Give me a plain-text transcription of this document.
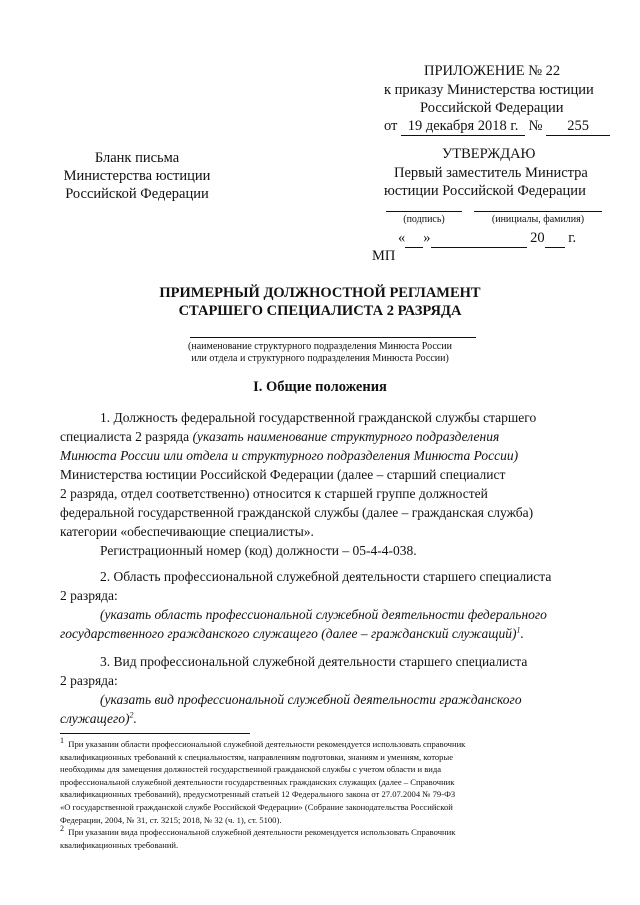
ПРИЛОЖЕНИЕ № 22
к приказу Министерства юстиции
Российской Федерации
от 19 декабря 2018 г. № 255
Бланк письма
Министерства юстиции
Российской Федерации
УТВЕРЖДАЮ
Первый заместитель Министра
юстиции Российской Федерации
(подпись)	(инициалы, фамилия)
« »	20 г.
МП
ПРИМЕРНЫЙ ДОЛЖНОСТНОЙ РЕГЛАМЕНТ
СТАРШЕГО СПЕЦИАЛИСТА 2 РАЗРЯДА
(наименование структурного подразделения Минюста России
или отдела и структурного подразделения Минюста России)
I. Общие положения
1. Должность федеральной государственной гражданской службы старшего
специалиста 2 разряда (указать наименование структурного подразделения
Минюста России или отдела и структурного подразделения Минюста России)
Министерства юстиции Российской Федерации (далее – старший специалист
2 разряда, отдел соответственно) относится к старшей группе должностей
федеральной государственной гражданской службы (далее – гражданская служба)
категории «обеспечивающие специалисты».
Регистрационный номер (код) должности – 05-4-4-038.
2. Область профессиональной служебной деятельности старшего специалиста
2 разряда:
(указать область профессиональной служебной деятельности федерального
государственного гражданского служащего (далее – гражданский служащий)$^1$.
3. Вид профессиональной служебной деятельности старшего специалиста
2 разряда:
(указать вид профессиональной служебной деятельности гражданского
служащего)$^2$.
$^1$ При указании области профессиональной служебной деятельности рекомендуется использовать справочник
квалификационных требований к специальностям, направлениям подготовки, знаниям и умениям, которые
необходимы для замещения должностей государственной гражданской службы с учетом области и вида
профессиональной служебной деятельности государственных гражданских служащих (далее – Справочник
квалификационных требований), предусмотренный статьей 12 Федерального закона от 27.07.2004 № 79-ФЗ
«О государственной гражданской службе Российской Федерации» (Собрание законодательства Российской
Федерации, 2004, № 31, ст. 3215; 2018, № 32 (ч. 1), ст. 5100).
$^2$ При указании вида профессиональной служебной деятельности рекомендуется использовать Справочник
квалификационных требований.
